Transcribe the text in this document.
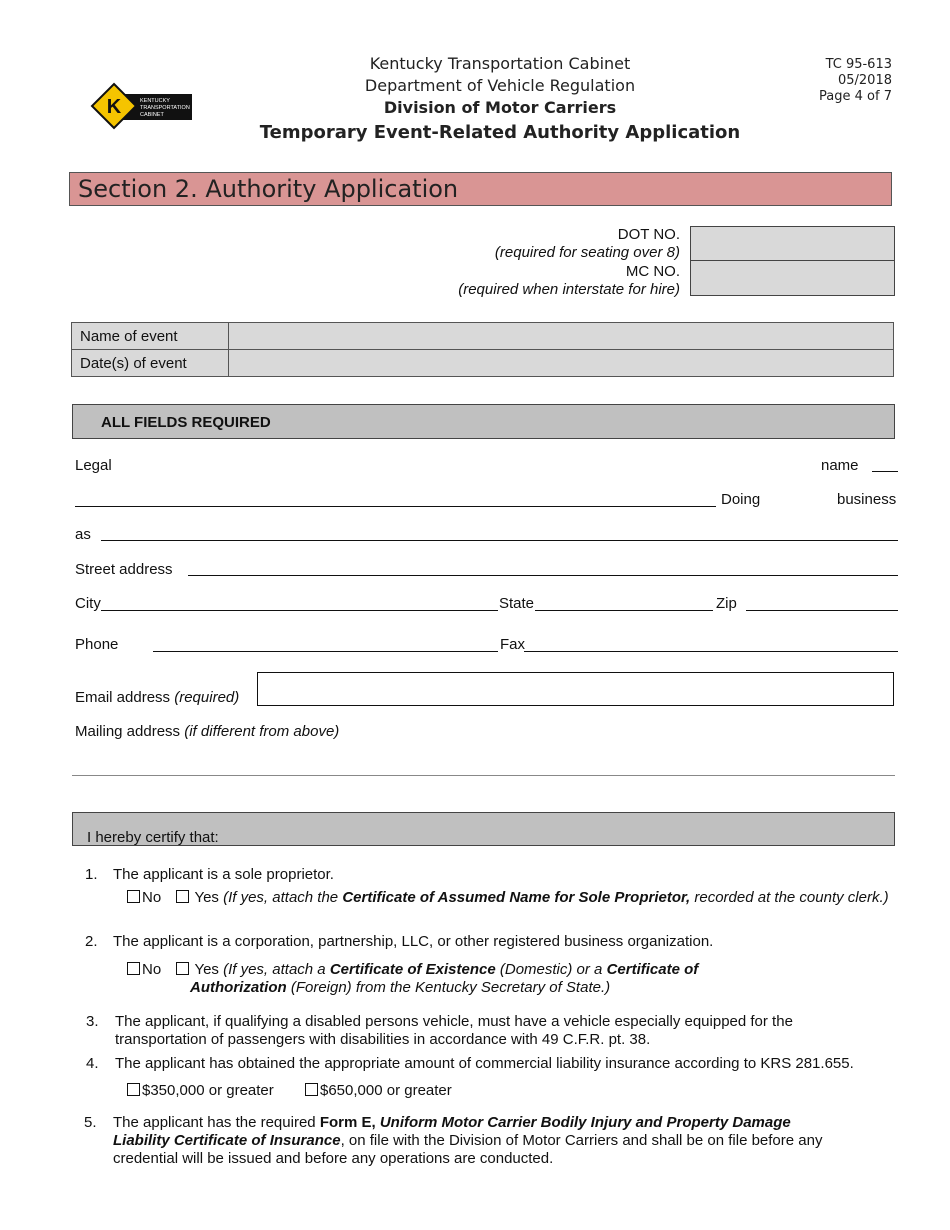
K	KENTUCKY
TRANSPORTATION
CABINET
Kentucky Transportation Cabinet
Department of Vehicle Regulation
Division of Motor Carriers
Temporary Event-Related Authority Application
TC 95-613
05/2018
Page 4 of 7
Section 2. Authority Application
DOT NO.
(required for seating over 8)
MC NO.
(required when interstate for hire)
Name of event	
Date(s) of event	
ALL FIELDS REQUIRED
Legal	name
Doing	business
as
Street address
City	State	Zip
Phone	Fax
Email address (required)
Mailing address (if different from above)
I hereby certify that:
1. The applicant is a sole proprietor.
No Yes (If yes, attach the Certificate of Assumed Name for Sole Proprietor, recorded at the county clerk.)
2. The applicant is a corporation, partnership, LLC, or other registered business organization.
No Yes (If yes, attach a Certificate of Existence (Domestic) or a Certificate of
Authorization (Foreign) from the Kentucky Secretary of State.)
3. The applicant, if qualifying a disabled persons vehicle, must have a vehicle especially equipped for the
transportation of passengers with disabilities in accordance with 49 C.F.R. pt. 38.
4. The applicant has obtained the appropriate amount of commercial liability insurance according to KRS 281.655.
$350,000 or greater	$650,000 or greater
5. The applicant has the required Form E, Uniform Motor Carrier Bodily Injury and Property Damage
Liability Certificate of Insurance, on file with the Division of Motor Carriers and shall be on file before any
credential will be issued and before any operations are conducted.
